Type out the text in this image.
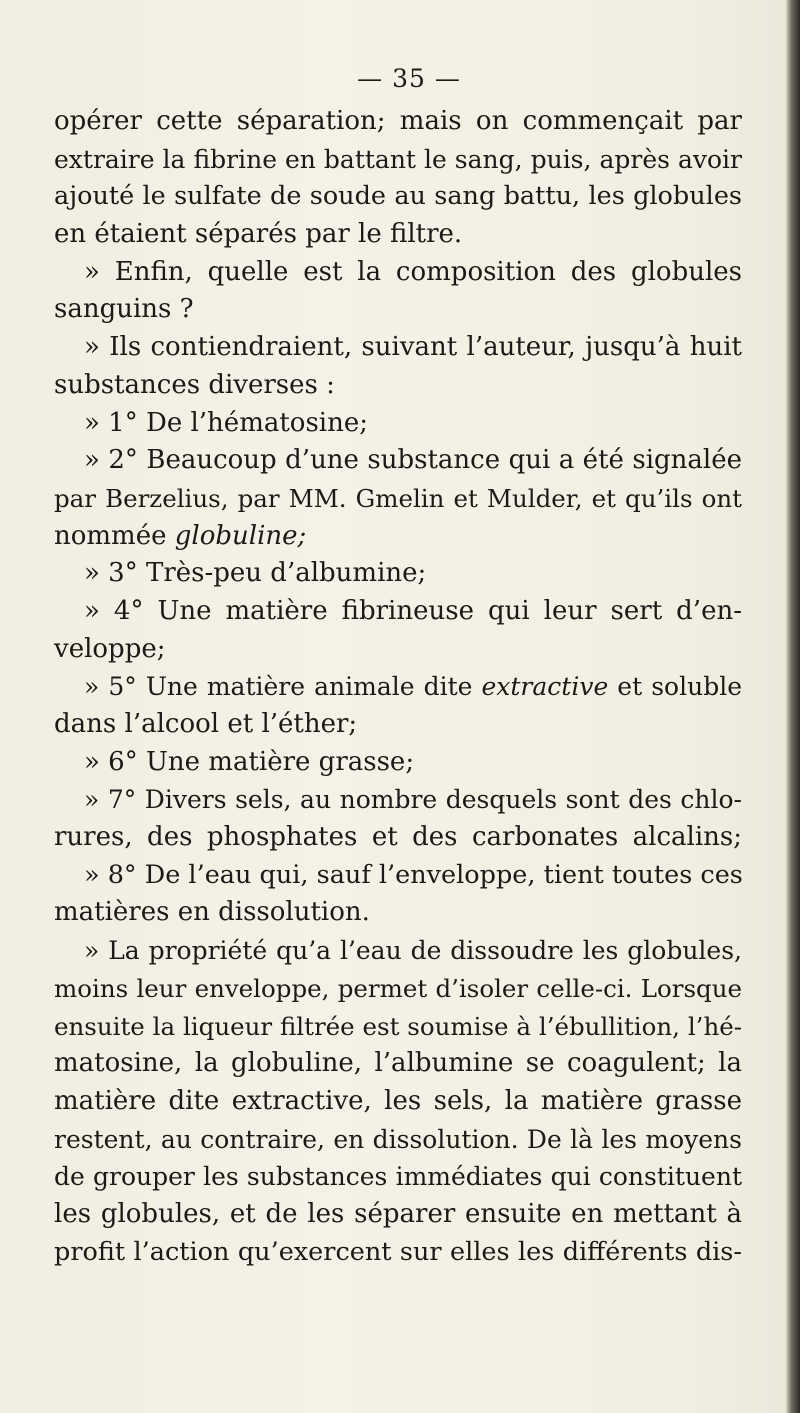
— 35 —
opérer cette séparation; mais on commençait par
extraire la fibrine en battant le sang, puis, après avoir
ajouté le sulfate de soude au sang battu, les globules
en étaient séparés par le filtre.
» Enfin, quelle est la composition des globules
sanguins ?
» Ils contiendraient, suivant l’auteur, jusqu’à huit
substances diverses :
» 1° De l’hématosine;
» 2° Beaucoup d’une substance qui a été signalée
par Berzelius, par MM. Gmelin et Mulder, et qu’ils ont
nommée globuline;
» 3° Très-peu d’albumine;
» 4° Une matière fibrineuse qui leur sert d’en-
veloppe;
» 5° Une matière animale dite extractive et soluble
dans l’alcool et l’éther;
» 6° Une matière grasse;
» 7° Divers sels, au nombre desquels sont des chlo-
rures, des phosphates et des carbonates alcalins;
» 8° De l’eau qui, sauf l’enveloppe, tient toutes ces
matières en dissolution.
» La propriété qu’a l’eau de dissoudre les globules,
moins leur enveloppe, permet d’isoler celle-ci. Lorsque
ensuite la liqueur filtrée est soumise à l’ébullition, l’hé-
matosine, la globuline, l’albumine se coagulent; la
matière dite extractive, les sels, la matière grasse
restent, au contraire, en dissolution. De là les moyens
de grouper les substances immédiates qui constituent
les globules, et de les séparer ensuite en mettant à
profit l’action qu’exercent sur elles les différents dis-
